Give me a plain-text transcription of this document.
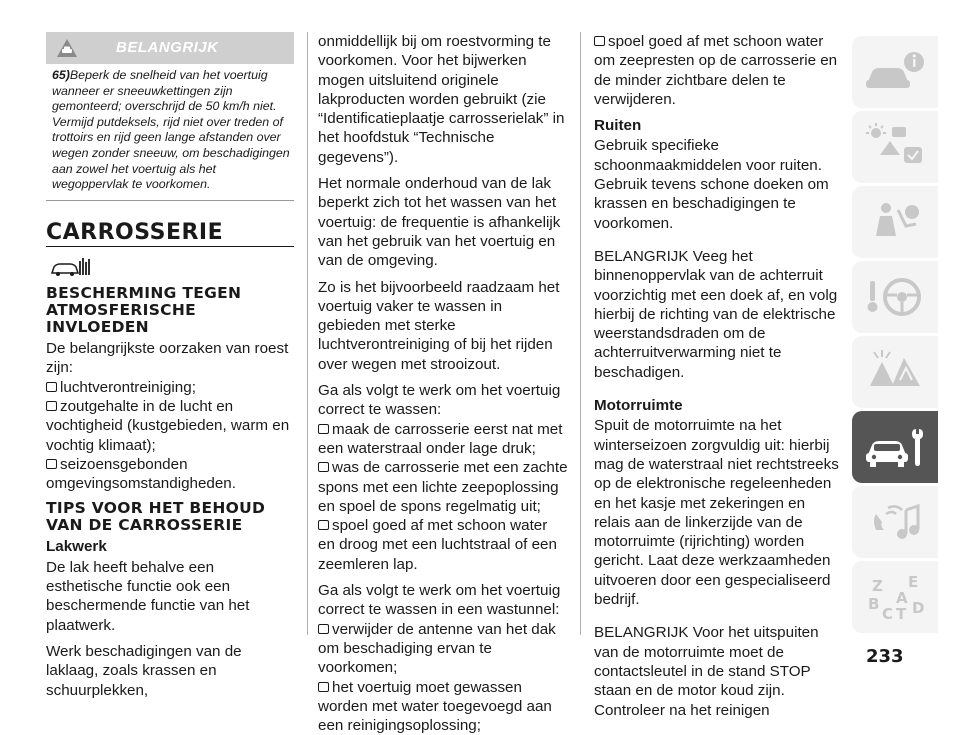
BELANGRIJK
65)Beperk de snelheid van het voertuig wanneer er sneeuwkettingen zijn gemonteerd; overschrijd de 50 km/h niet. Vermijd putdeksels, rijd niet over treden of trottoirs en rijd geen lange afstanden over wegen zonder sneeuw, om beschadigingen aan zowel het voertuig als het wegoppervlak te voorkomen.
CARROSSERIE
BESCHERMING TEGEN ATMOSFERISCHE INVLOEDEN

De belangrijkste oorzaken van roest zijn:

luchtverontreiniging;
zoutgehalte in de lucht en vochtigheid (kustgebieden, warm en vochtig klimaat);
seizoensgebonden omgevingsomstandigheden.
TIPS VOOR HET BEHOUD VAN DE CARROSSERIE
Lakwerk

De lak heeft behalve een esthetische functie ook een beschermende functie van het plaatwerk.

Werk beschadigingen van de laklaag, zoals krassen en schuurplekken,

onmiddellijk bij om roestvorming te voorkomen. Voor het bijwerken mogen uitsluitend originele lakproducten worden gebruikt (zie “Identificatieplaatje carrosserielak” in het hoofdstuk “Technische gegevens”).

Het normale onderhoud van de lak beperkt zich tot het wassen van het voertuig: de frequentie is afhankelijk van het gebruik van het voertuig en van de omgeving.

Zo is het bijvoorbeeld raadzaam het voertuig vaker te wassen in gebieden met sterke luchtverontreiniging of bij het rijden over wegen met strooizout.

Ga als volgt te werk om het voertuig correct te wassen:

maak de carrosserie eerst nat met een waterstraal onder lage druk;
was de carrosserie met een zachte spons met een lichte zeepoplossing en spoel de spons regelmatig uit;
spoel goed af met schoon water en droog met een luchtstraal of een zeemleren lap.

Ga als volgt te werk om het voertuig correct te wassen in een wastunnel:

verwijder de antenne van het dak om beschadiging ervan te voorkomen;
het voertuig moet gewassen worden met water toegevoegd aan een reinigingsoplossing;
spoel goed af met schoon water om zeepresten op de carrosserie en de minder zichtbare delen te verwijderen.
Ruiten

Gebruik specifieke schoonmaakmiddelen voor ruiten. Gebruik tevens schone doeken om krassen en beschadigingen te voorkomen.

BELANGRIJK Veeg het binnenoppervlak van de achterruit voorzichtig met een doek af, en volg hierbij de richting van de elektrische weerstandsdraden om de achterruitverwarming niet te beschadigen.

Motorruimte

Spuit de motorruimte na het winterseizoen zorgvuldig uit: hierbij mag de waterstraal niet rechtstreeks op de elektronische regeleenheden en het kasje met zekeringen en relais aan de linkerzijde van de motorruimte (rijrichting) worden gericht. Laat deze werkzaamheden uitvoeren door een gespecialiseerd bedrijf.

BELANGRIJK Voor het uitspuiten van de motorruimte moet de contactsleutel in de stand STOP staan en de motor koud zijn. Controleer na het reinigen

Z E
A
B D
C T
233
